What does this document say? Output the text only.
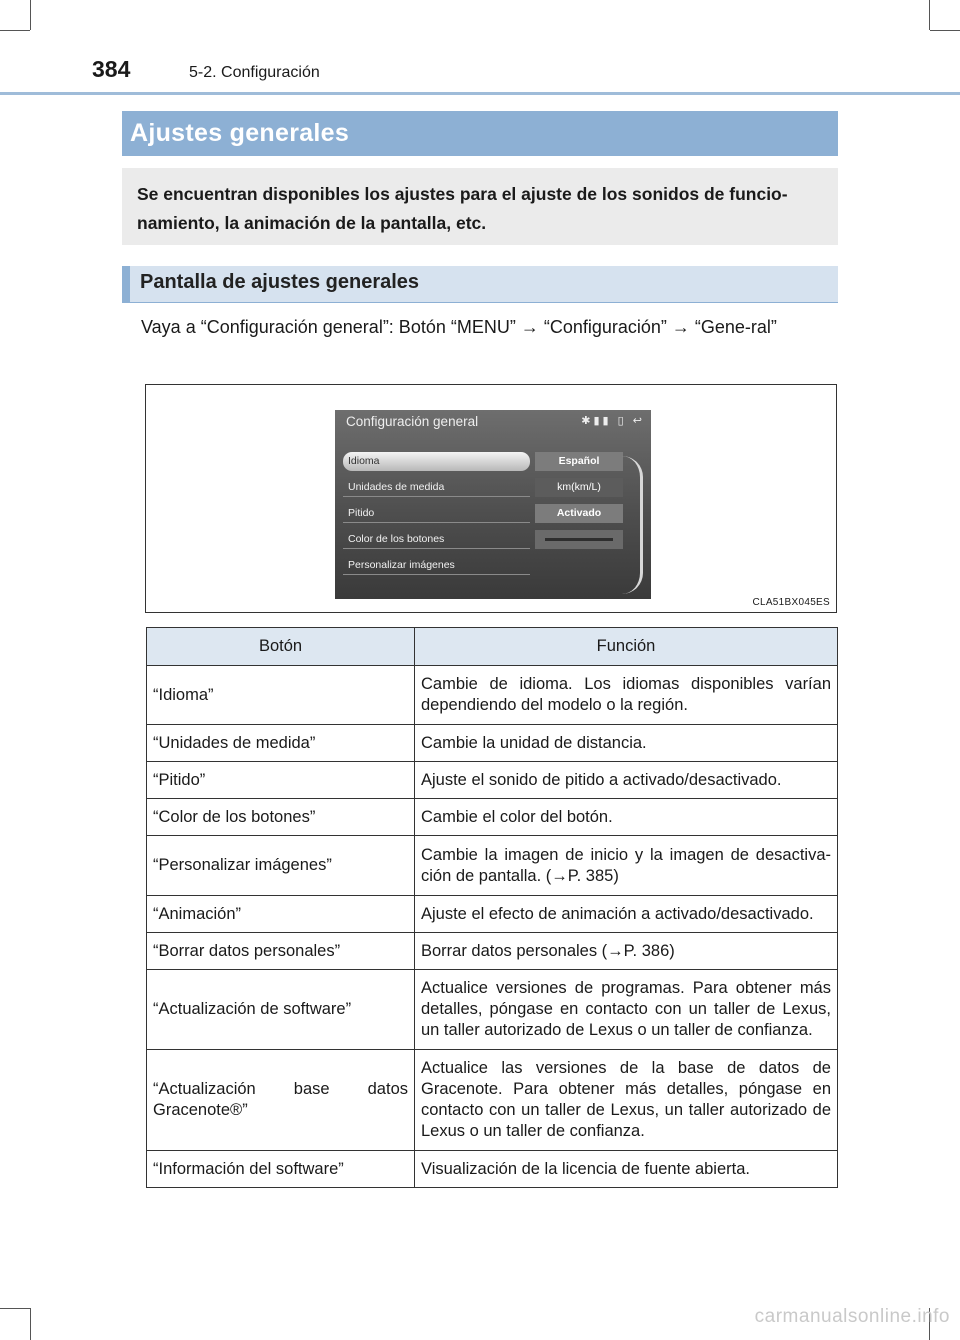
384	5-2. Configuración
Ajustes generales
Se encuentran disponibles los ajustes para el ajuste de los sonidos de funcio-namiento, la animación de la pantalla, etc.
Pantalla de ajustes generales
Vaya a “Configuración general”: Botón “MENU” → “Configuración” → “Gene-ral”
Configuración general	✱▮▮ ▯ ↩
Idioma
Unidades de medida
Pitido
Color de los botones
Personalizar imágenes
Español
km(km/L)
Activado
CLA51BX045ES
Botón	Función
“Idioma”	Cambie de idioma. Los idiomas disponibles varían dependiendo del modelo o la región.
“Unidades de medida”	Cambie la unidad de distancia.
“Pitido”	Ajuste el sonido de pitido a activado/desactivado.
“Color de los botones”	Cambie el color del botón.
“Personalizar imágenes”	Cambie la imagen de inicio y la imagen de desactiva-ción de pantalla. (→P. 385)
“Animación”	Ajuste el efecto de animación a activado/desactivado.
“Borrar datos personales”	Borrar datos personales (→P. 386)
“Actualización de software”	Actualice versiones de programas. Para obtener más detalles, póngase en contacto con un taller de Lexus, un taller autorizado de Lexus o un taller de confianza.
“Actualización base datos Gracenote®”	Actualice las versiones de la base de datos de Gracenote. Para obtener más detalles, póngase en contacto con un taller de Lexus, un taller autorizado de Lexus o un taller de confianza.
“Información del software”	Visualización de la licencia de fuente abierta.
carmanualsonline.info
